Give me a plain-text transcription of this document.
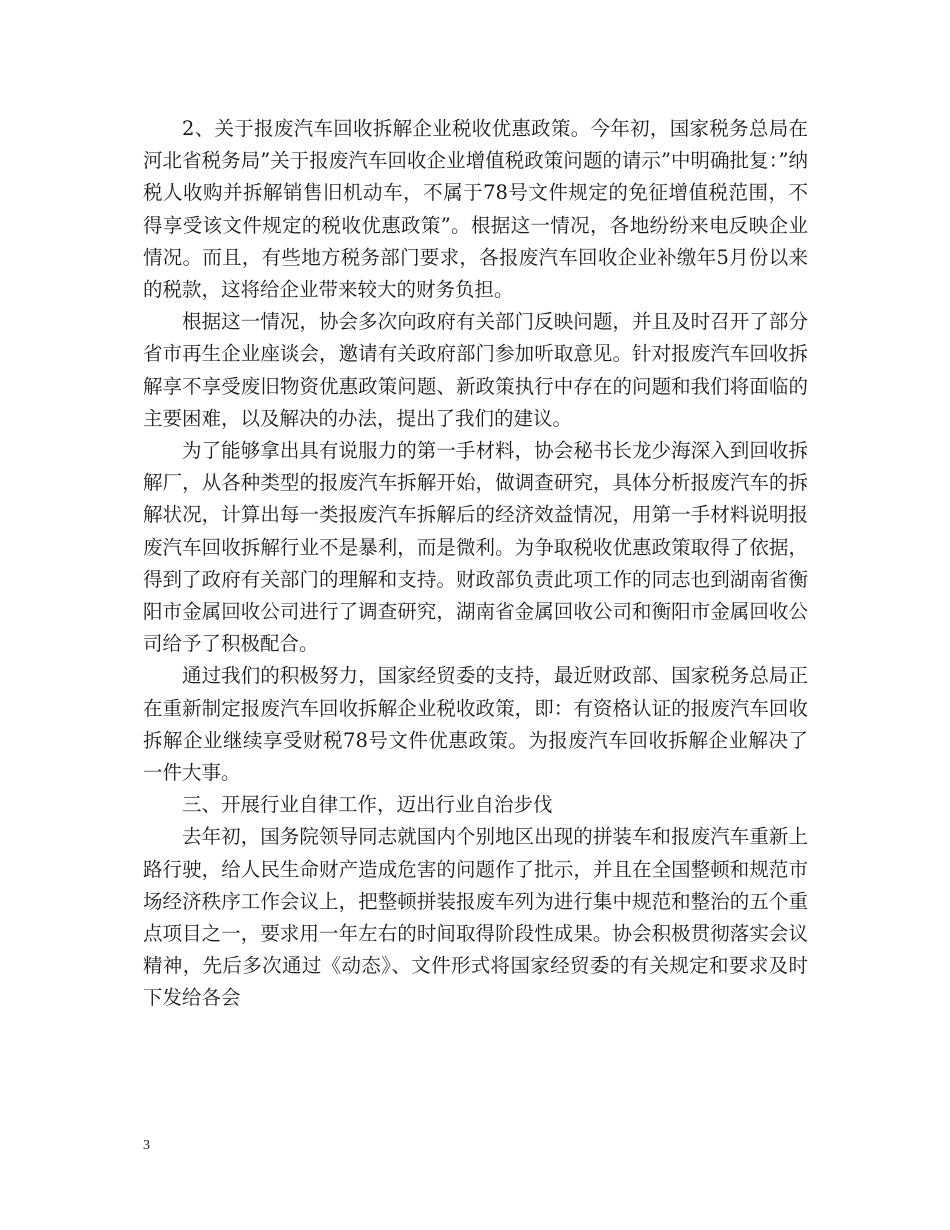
2、关于报废汽车回收拆解企业税收优惠政策。今年初，国家税务总局在河北省税务局”关于报废汽车回收企业增值税政策问题的请示”中明确批复：”纳税人收购并拆解销售旧机动车，不属于78号文件规定的免征增值税范围，不得享受该文件规定的税收优惠政策”。根据这一情况，各地纷纷来电反映企业情况。而且，有些地方税务部门要求，各报废汽车回收企业补缴年5月份以来的税款，这将给企业带来较大的财务负担。

根据这一情况，协会多次向政府有关部门反映问题，并且及时召开了部分省市再生企业座谈会，邀请有关政府部门参加听取意见。针对报废汽车回收拆解享不享受废旧物资优惠政策问题、新政策执行中存在的问题和我们将面临的主要困难，以及解决的办法，提出了我们的建议。

为了能够拿出具有说服力的第一手材料，协会秘书长龙少海深入到回收拆解厂，从各种类型的报废汽车拆解开始，做调查研究，具体分析报废汽车的拆解状况，计算出每一类报废汽车拆解后的经济效益情况，用第一手材料说明报废汽车回收拆解行业不是暴利，而是微利。为争取税收优惠政策取得了依据，得到了政府有关部门的理解和支持。财政部负责此项工作的同志也到湖南省衡阳市金属回收公司进行了调查研究，湖南省金属回收公司和衡阳市金属回收公司给予了积极配合。

通过我们的积极努力，国家经贸委的支持，最近财政部、国家税务总局正在重新制定报废汽车回收拆解企业税收政策，即：有资格认证的报废汽车回收拆解企业继续享受财税78号文件优惠政策。为报废汽车回收拆解企业解决了一件大事。

三、开展行业自律工作，迈出行业自治步伐

去年初，国务院领导同志就国内个别地区出现的拼装车和报废汽车重新上路行驶，给人民生命财产造成危害的问题作了批示，并且在全国整顿和规范市场经济秩序工作会议上，把整顿拼装报废车列为进行集中规范和整治的五个重点项目之一，要求用一年左右的时间取得阶段性成果。协会积极贯彻落实会议精神，先后多次通过《动态》、文件形式将国家经贸委的有关规定和要求及时下发给各会

3
